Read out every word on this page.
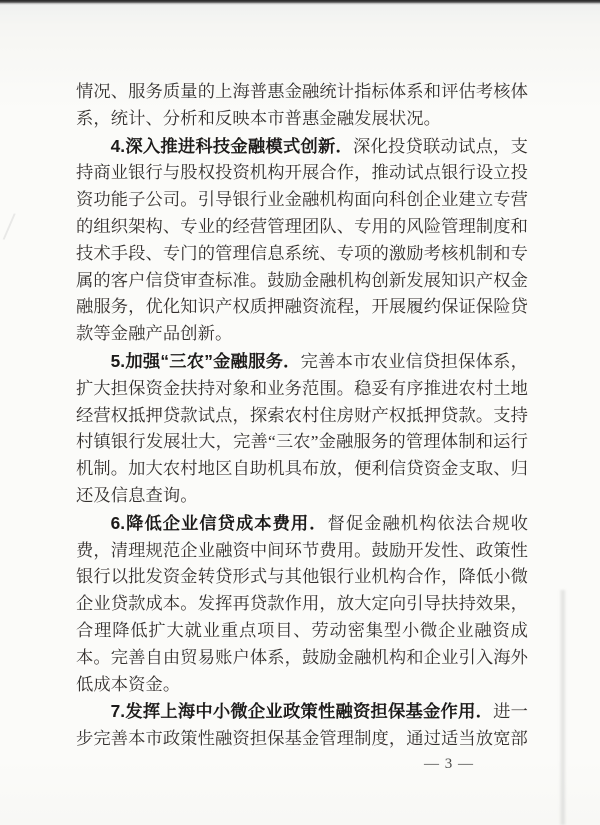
情况、服务质量的上海普惠金融统计指标体系和评估考核体系，统计、分析和反映本市普惠金融发展状况。

4.深入推进科技金融模式创新．深化投贷联动试点，支持商业银行与股权投资机构开展合作，推动试点银行设立投资功能子公司。引导银行业金融机构面向科创企业建立专营的组织架构、专业的经营管理团队、专用的风险管理制度和技术手段、专门的管理信息系统、专项的激励考核机制和专属的客户信贷审查标准。鼓励金融机构创新发展知识产权金融服务，优化知识产权质押融资流程，开展履约保证保险贷款等金融产品创新。

5.加强“三农”金融服务．完善本市农业信贷担保体系，扩大担保资金扶持对象和业务范围。稳妥有序推进农村土地经营权抵押贷款试点，探索农村住房财产权抵押贷款。支持村镇银行发展壮大，完善“三农”金融服务的管理体制和运行机制。加大农村地区自助机具布放，便利信贷资金支取、归还及信息查询。

6.降低企业信贷成本费用．督促金融机构依法合规收费，清理规范企业融资中间环节费用。鼓励开发性、政策性银行以批发资金转贷形式与其他银行业机构合作，降低小微企业贷款成本。发挥再贷款作用，放大定向引导扶持效果，合理降低扩大就业重点项目、劳动密集型小微企业融资成本。完善自由贸易账户体系，鼓励金融机构和企业引入海外低成本资金。

7.发挥上海中小微企业政策性融资担保基金作用．进一步完善本市政策性融资担保基金管理制度，通过适当放宽部

— 3 —
